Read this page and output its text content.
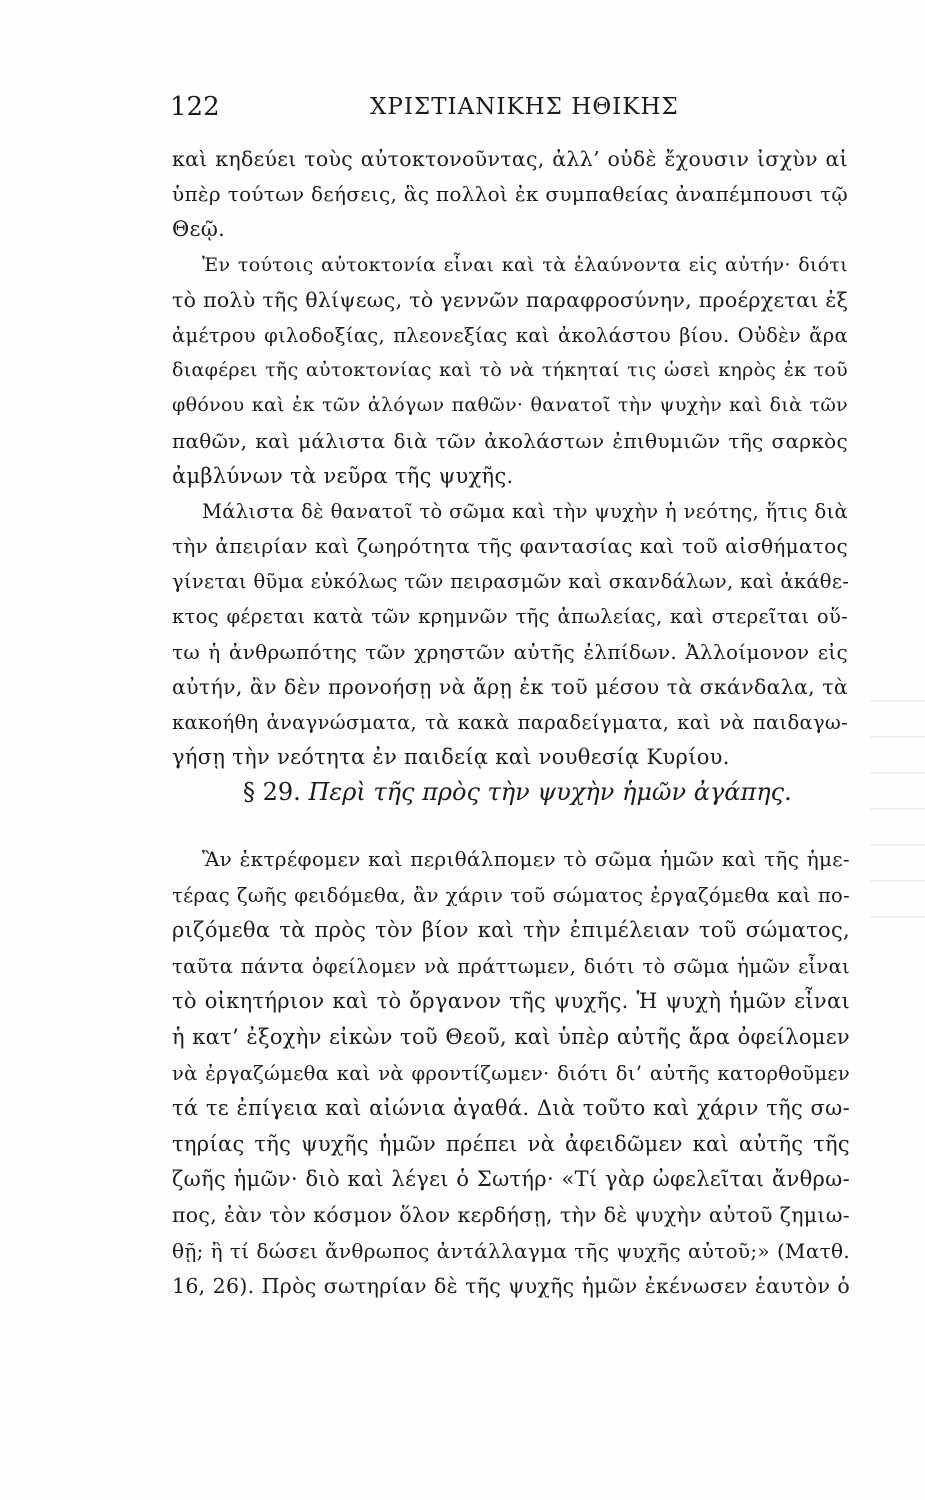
122	ΧΡΙΣΤΙΑΝΙΚΗΣ ΗΘΙΚΗΣ
καὶ κηδεύει τοὺς αὐτοκτονοῦντας, ἀλλ’ οὐδὲ ἔχουσιν ἰσχὺν αἱ
ὑπὲρ τούτων δεήσεις, ἃς πολλοὶ ἐκ συμπαθείας ἀναπέμπουσι τῷ
Θεῷ.
Ἐν τούτοις αὐτοκτονία εἶναι καὶ τὰ ἐλαύνοντα εἰς αὐτήν· διότι
τὸ πολὺ τῆς θλίψεως, τὸ γεννῶν παραφροσύνην, προέρχεται ἐξ
ἀμέτρου φιλοδοξίας, πλεονεξίας καὶ ἀκολάστου βίου. Οὐδὲν ἄρα
διαφέρει τῆς αὐτοκτονίας καὶ τὸ νὰ τήκηταί τις ὡσεὶ κηρὸς ἐκ τοῦ
φθόνου καὶ ἐκ τῶν ἀλόγων παθῶν· θανατοῖ τὴν ψυχὴν καὶ διὰ τῶν
παθῶν, καὶ μάλιστα διὰ τῶν ἀκολάστων ἐπιθυμιῶν τῆς σαρκὸς
ἀμβλύνων τὰ νεῦρα τῆς ψυχῆς.
Μάλιστα δὲ θανατοῖ τὸ σῶμα καὶ τὴν ψυχὴν ἡ νεότης, ἥτις διὰ
τὴν ἀπειρίαν καὶ ζωηρότητα τῆς φαντασίας καὶ τοῦ αἰσθήματος
γίνεται θῦμα εὐκόλως τῶν πειρασμῶν καὶ σκανδάλων, καὶ ἀκάθε-
κτος φέρεται κατὰ τῶν κρημνῶν τῆς ἀπωλείας, καὶ στερεῖται οὕ-
τω ἡ ἀνθρωπότης τῶν χρηστῶν αὐτῆς ἐλπίδων. Ἀλλοίμονον εἰς
αὐτήν, ἂν δὲν προνοήσῃ νὰ ἄρῃ ἐκ τοῦ μέσου τὰ σκάνδαλα, τὰ
κακοήθη ἀναγνώσματα, τὰ κακὰ παραδείγματα, καὶ νὰ παιδαγω-
γήσῃ τὴν νεότητα ἐν παιδείᾳ καὶ νουθεσίᾳ Κυρίου.
§ 29. Περὶ τῆς πρὸς τὴν ψυχὴν ἡμῶν ἀγάπης.
Ἂν ἐκτρέφομεν καὶ περιθάλπομεν τὸ σῶμα ἡμῶν καὶ τῆς ἡμε-
τέρας ζωῆς φειδόμεθα, ἂν χάριν τοῦ σώματος ἐργαζόμεθα καὶ πο-
ριζόμεθα τὰ πρὸς τὸν βίον καὶ τὴν ἐπιμέλειαν τοῦ σώματος,
ταῦτα πάντα ὀφείλομεν νὰ πράττωμεν, διότι τὸ σῶμα ἡμῶν εἶναι
τὸ οἰκητήριον καὶ τὸ ὄργανον τῆς ψυχῆς. Ἡ ψυχὴ ἡμῶν εἶναι
ἡ κατ’ ἐξοχὴν εἰκὼν τοῦ Θεοῦ, καὶ ὑπὲρ αὐτῆς ἄρα ὀφείλομεν
νὰ ἐργαζώμεθα καὶ νὰ φροντίζωμεν· διότι δι’ αὐτῆς κατορθοῦμεν
τά τε ἐπίγεια καὶ αἰώνια ἀγαθά. Διὰ τοῦτο καὶ χάριν τῆς σω-
τηρίας τῆς ψυχῆς ἡμῶν πρέπει νὰ ἀφειδῶμεν καὶ αὐτῆς τῆς
ζωῆς ἡμῶν· διὸ καὶ λέγει ὁ Σωτήρ· «Τί γὰρ ὠφελεῖται ἄνθρω-
πος, ἐὰν τὸν κόσμον ὅλον κερδήσῃ, τὴν δὲ ψυχὴν αὐτοῦ ζημιω-
θῇ; ἢ τί δώσει ἄνθρωπος ἀντάλλαγμα τῆς ψυχῆς αὐτοῦ;» (Ματθ.
16, 26). Πρὸς σωτηρίαν δὲ τῆς ψυχῆς ἡμῶν ἐκένωσεν ἑαυτὸν ὁ
